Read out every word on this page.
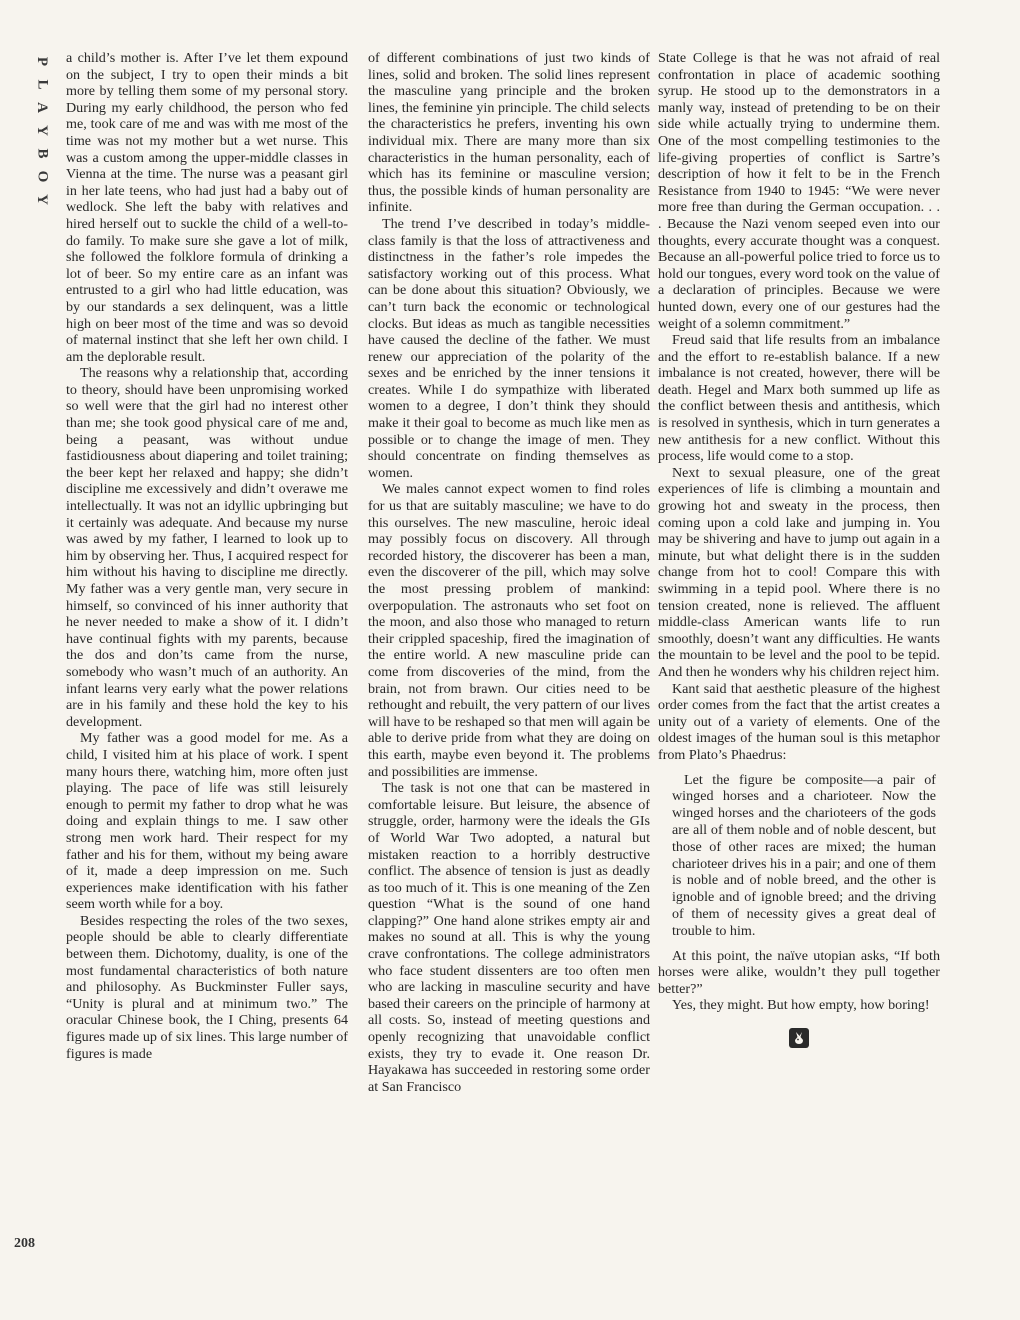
P
L
A
Y
B
O
Y
208

a child’s mother is. After I’ve let them expound on the subject, I try to open their minds a bit more by telling them some of my personal story. During my early childhood, the person who fed me, took care of me and was with me most of the time was not my mother but a wet nurse. This was a custom among the upper-middle classes in Vienna at the time. The nurse was a peasant girl in her late teens, who had just had a baby out of wedlock. She left the baby with relatives and hired herself out to suckle the child of a well-to-do family. To make sure she gave a lot of milk, she followed the folklore formula of drinking a lot of beer. So my entire care as an infant was entrusted to a girl who had little education, was by our standards a sex delinquent, was a little high on beer most of the time and was so devoid of maternal instinct that she left her own child. I am the deplorable result.

The reasons why a relationship that, according to theory, should have been unpromising worked so well were that the girl had no interest other than me; she took good physical care of me and, being a peasant, was without undue fastidiousness about diapering and toilet training; the beer kept her relaxed and happy; she didn’t discipline me excessively and didn’t overawe me intellectually. It was not an idyllic upbringing but it certainly was adequate. And because my nurse was awed by my father, I learned to look up to him by observing her. Thus, I acquired respect for him without his having to discipline me directly. My father was a very gentle man, very secure in himself, so convinced of his inner authority that he never needed to make a show of it. I didn’t have continual fights with my parents, because the dos and don’ts came from the nurse, somebody who wasn’t much of an authority. An infant learns very early what the power relations are in his family and these hold the key to his development.

My father was a good model for me. As a child, I visited him at his place of work. I spent many hours there, watching him, more often just playing. The pace of life was still leisurely enough to permit my father to drop what he was doing and explain things to me. I saw other strong men work hard. Their respect for my father and his for them, without my being aware of it, made a deep impression on me. Such experiences make identification with his father seem worth while for a boy.

Besides respecting the roles of the two sexes, people should be able to clearly differentiate between them. Dichotomy, duality, is one of the most fundamental characteristics of both nature and philosophy. As Buckminster Fuller says, “Unity is plural and at minimum two.” The oracular Chinese book, the I Ching, presents 64 figures made up of six lines. This large number of figures is made

of different combinations of just two kinds of lines, solid and broken. The solid lines represent the masculine yang principle and the broken lines, the feminine yin principle. The child selects the characteristics he prefers, inventing his own individual mix. There are many more than six characteristics in the human personality, each of which has its feminine or masculine version; thus, the possible kinds of human personality are infinite.

The trend I’ve described in today’s middle-class family is that the loss of attractiveness and distinctness in the father’s role impedes the satisfactory working out of this process. What can be done about this situation? Obviously, we can’t turn back the economic or technological clocks. But ideas as much as tangible necessities have caused the decline of the father. We must renew our appreciation of the polarity of the sexes and be enriched by the inner tensions it creates. While I do sympathize with liberated women to a degree, I don’t think they should make it their goal to become as much like men as possible or to change the image of men. They should concentrate on finding themselves as women.

We males cannot expect women to find roles for us that are suitably masculine; we have to do this ourselves. The new masculine, heroic ideal may possibly focus on discovery. All through recorded history, the discoverer has been a man, even the discoverer of the pill, which may solve the most pressing problem of mankind: overpopulation. The astronauts who set foot on the moon, and also those who managed to return their crippled spaceship, fired the imagination of the entire world. A new masculine pride can come from discoveries of the mind, from the brain, not from brawn. Our cities need to be rethought and rebuilt, the very pattern of our lives will have to be reshaped so that men will again be able to derive pride from what they are doing on this earth, maybe even beyond it. The problems and possibilities are immense.

The task is not one that can be mastered in comfortable leisure. But leisure, the absence of struggle, order, harmony were the ideals the GIs of World War Two adopted, a natural but mistaken reaction to a horribly destructive conflict. The absence of tension is just as deadly as too much of it. This is one meaning of the Zen question “What is the sound of one hand clapping?” One hand alone strikes empty air and makes no sound at all. This is why the young crave confrontations. The college administrators who face student dissenters are too often men who are lacking in masculine security and have based their careers on the principle of harmony at all costs. So, instead of meeting questions and openly recognizing that unavoidable conflict exists, they try to evade it. One reason Dr. Hayakawa has succeeded in restoring some order at San Francisco

State College is that he was not afraid of real confrontation in place of academic soothing syrup. He stood up to the demonstrators in a manly way, instead of pretending to be on their side while actually trying to undermine them. One of the most compelling testimonies to the life-giving properties of conflict is Sartre’s description of how it felt to be in the French Resistance from 1940 to 1945: “We were never more free than during the German occupation. . . . Because the Nazi venom seeped even into our thoughts, every accurate thought was a conquest. Because an all-powerful police tried to force us to hold our tongues, every word took on the value of a declaration of principles. Because we were hunted down, every one of our gestures had the weight of a solemn commitment.”

Freud said that life results from an imbalance and the effort to re-establish balance. If a new imbalance is not created, however, there will be death. Hegel and Marx both summed up life as the conflict between thesis and antithesis, which is resolved in synthesis, which in turn generates a new antithesis for a new conflict. Without this process, life would come to a stop.

Next to sexual pleasure, one of the great experiences of life is climbing a mountain and growing hot and sweaty in the process, then coming upon a cold lake and jumping in. You may be shivering and have to jump out again in a minute, but what delight there is in the sudden change from hot to cool! Compare this with swimming in a tepid pool. Where there is no tension created, none is relieved. The affluent middle-class American wants life to run smoothly, doesn’t want any difficulties. He wants the mountain to be level and the pool to be tepid. And then he wonders why his children reject him.

Kant said that aesthetic pleasure of the highest order comes from the fact that the artist creates a unity out of a variety of elements. One of the oldest images of the human soul is this metaphor from Plato’s Phaedrus:

Let the figure be composite—a pair of winged horses and a charioteer. Now the winged horses and the charioteers of the gods are all of them noble and of noble descent, but those of other races are mixed; the human charioteer drives his in a pair; and one of them is noble and of noble breed, and the other is ignoble and of ignoble breed; and the driving of them of necessity gives a great deal of trouble to him.

At this point, the naïve utopian asks, “If both horses were alike, wouldn’t they pull together better?”

Yes, they might. But how empty, how boring!
